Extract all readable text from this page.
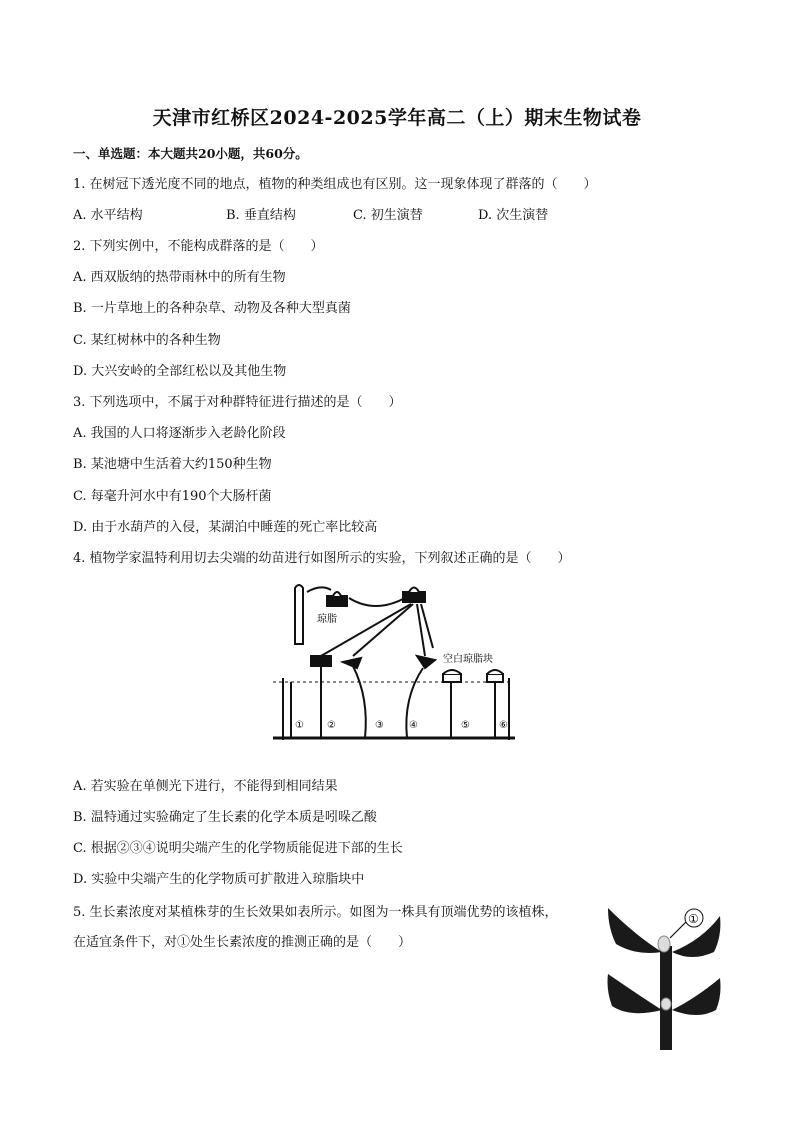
天津市红桥区2024-2025学年高二（上）期末生物试卷
一、单选题：本大题共20小题，共60分。
1. 在树冠下透光度不同的地点，植物的种类组成也有区别。这一现象体现了群落的（　　）
A. 水平结构	B. 垂直结构	C. 初生演替	D. 次生演替
2. 下列实例中，不能构成群落的是（　　）
A. 西双版纳的热带雨林中的所有生物
B. 一片草地上的各种杂草、动物及各种大型真菌
C. 某红树林中的各种生物
D. 大兴安岭的全部红松以及其他生物
3. 下列选项中，不属于对种群特征进行描述的是（　　）
A. 我国的人口将逐渐步入老龄化阶段
B. 某池塘中生活着大约150种生物
C. 每毫升河水中有190个大肠杆菌
D. 由于水葫芦的入侵，某湖泊中睡莲的死亡率比较高
4. 植物学家温特利用切去尖端的幼苗进行如图所示的实验，下列叙述正确的是（　　）
琼脂
空白琼脂块
① ②	③	④	⑤	⑥
A. 若实验在单侧光下进行，不能得到相同结果
B. 温特通过实验确定了生长素的化学本质是吲哚乙酸
C. 根据②③④说明尖端产生的化学物质能促进下部的生长
D. 实验中尖端产生的化学物质可扩散进入琼脂块中
5. 生长素浓度对某植株芽的生长效果如表所示。如图为一株具有顶端优势的该植株，
在适宜条件下，对①处生长素浓度的推测正确的是（　　）
①
